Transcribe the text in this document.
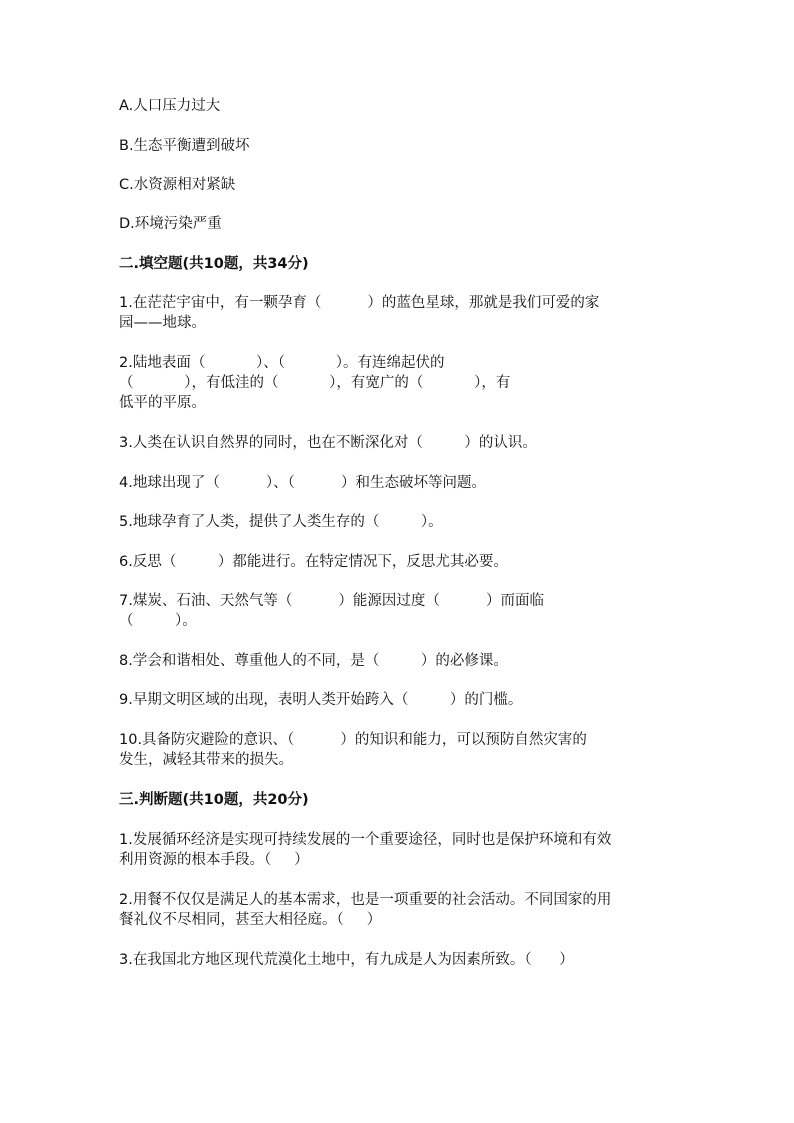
A.人口压力过大
B.生态平衡遭到破坏
C.水资源相对紧缺
D.环境污染严重
二.填空题(共10题，共34分)
1.在茫茫宇宙中，有一颗孕育（          ）的蓝色星球，那就是我们可爱的家
园——地球。
2.陆地表面（           ）、（           ）。有连绵起伏的
（           ），有低洼的（           ），有宽广的（           ），有
低平的平原。
3.人类在认识自然界的同时，也在不断深化对（         ）的认识。
4.地球出现了（          ）、（          ）和生态破坏等问题。
5.地球孕育了人类，提供了人类生存的（         ）。
6.反思（         ）都能进行。在特定情况下，反思尤其必要。
7.煤炭、石油、天然气等（          ）能源因过度（          ）而面临
（         ）。
8.学会和谐相处、尊重他人的不同，是（         ）的必修课。
9.早期文明区域的出现，表明人类开始跨入（         ）的门槛。
10.具备防灾避险的意识、（          ）的知识和能力，可以预防自然灾害的
发生，减轻其带来的损失。
三.判断题(共10题，共20分)
1.发展循环经济是实现可持续发展的一个重要途径，同时也是保护环境和有效
利用资源的根本手段。（     ）
2.用餐不仅仅是满足人的基本需求，也是一项重要的社会活动。不同国家的用
餐礼仪不尽相同，甚至大相径庭。（     ）
3.在我国北方地区现代荒漠化土地中，有九成是人为因素所致。（      ）
